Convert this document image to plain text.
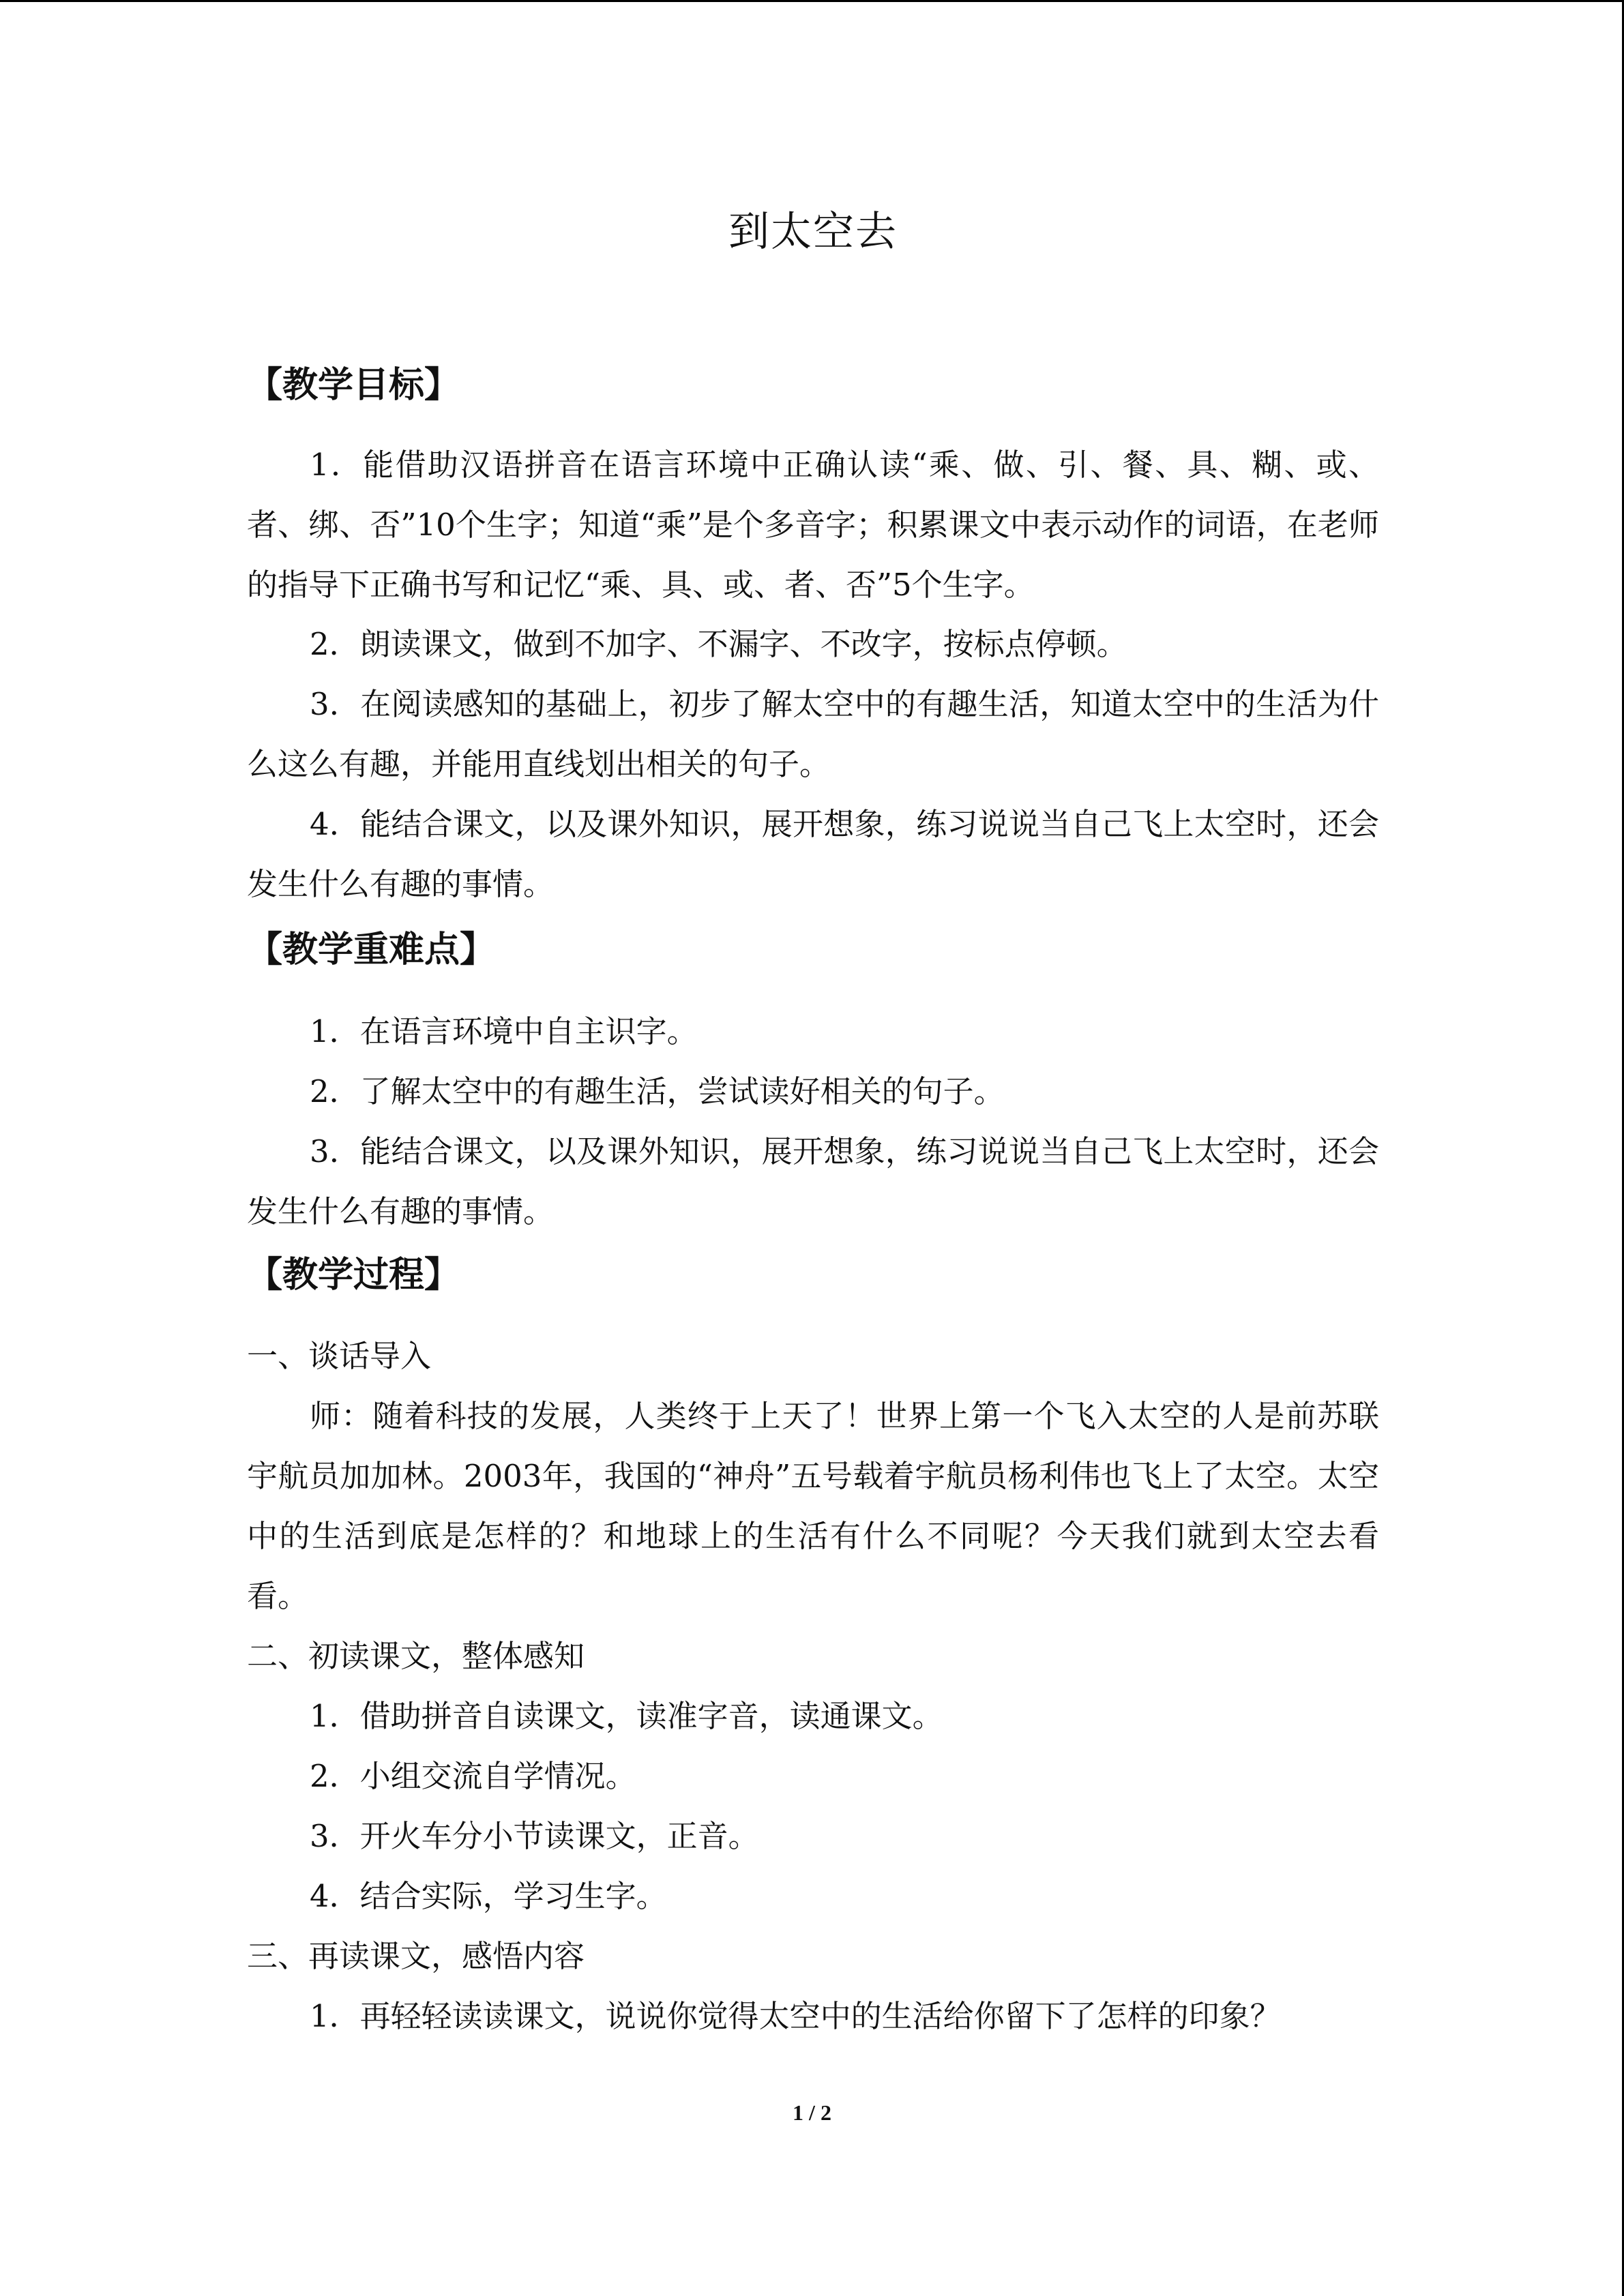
到太空去
【教学目标】

1．能借助汉语拼音在语言环境中正确认读“乘、做、引、餐、具、糊、或、者、绑、否”10个生字；知道“乘”是个多音字；积累课文中表示动作的词语，在老师的指导下正确书写和记忆“乘、具、或、者、否”5个生字。

2．朗读课文，做到不加字、不漏字、不改字，按标点停顿。

3．在阅读感知的基础上，初步了解太空中的有趣生活，知道太空中的生活为什么这么有趣，并能用直线划出相关的句子。

4．能结合课文，以及课外知识，展开想象，练习说说当自己飞上太空时，还会发生什么有趣的事情。

【教学重难点】

1．在语言环境中自主识字。

2．了解太空中的有趣生活，尝试读好相关的句子。

3．能结合课文，以及课外知识，展开想象，练习说说当自己飞上太空时，还会发生什么有趣的事情。

【教学过程】

一、谈话导入

师：随着科技的发展，人类终于上天了！世界上第一个飞入太空的人是前苏联宇航员加加林。2003年，我国的“神舟”五号载着宇航员杨利伟也飞上了太空。太空中的生活到底是怎样的？和地球上的生活有什么不同呢？今天我们就到太空去看看。

二、初读课文，整体感知

1．借助拼音自读课文，读准字音，读通课文。

2．小组交流自学情况。

3．开火车分小节读课文，正音。

4．结合实际，学习生字。

三、再读课文，感悟内容

1．再轻轻读读课文，说说你觉得太空中的生活给你留下了怎样的印象？

1 / 2
